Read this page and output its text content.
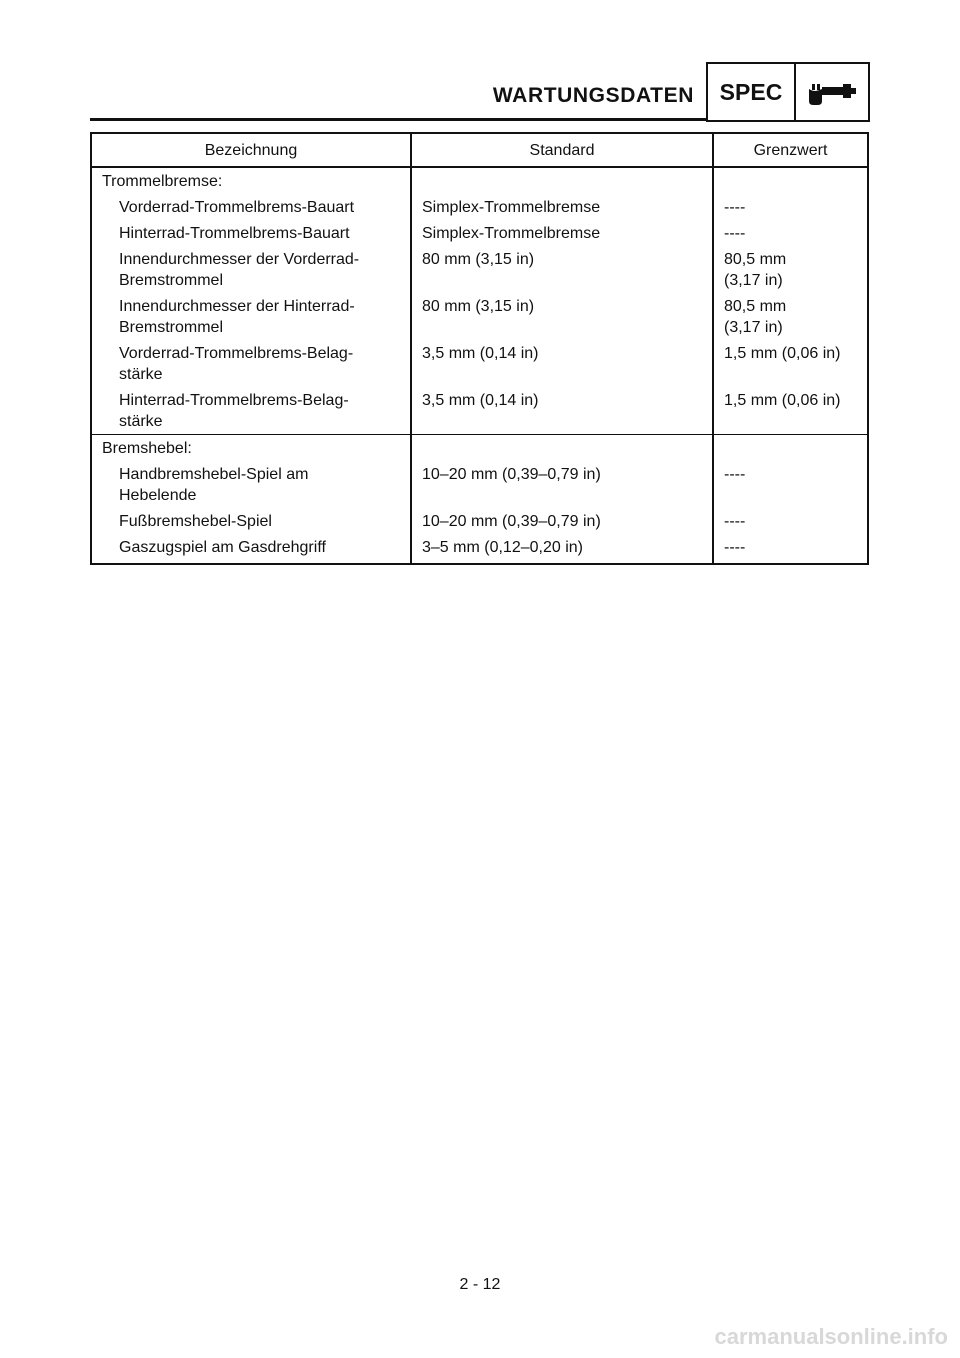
WARTUNGSDATEN	SPEC
Bezeichnung	Standard	Grenzwert
Trommelbremse:		

Vorderrad-Trommelbrems-Bauart	Simplex-Trommelbremse	----

Hinterrad-Trommelbrems-Bauart	Simplex-Trommelbremse	----

Innendurchmesser der Vorderrad-
Bremstrommel	80 mm (3,15 in)	80,5 mm
(3,17 in)

Innendurchmesser der Hinterrad-
Bremstrommel	80 mm (3,15 in)	80,5 mm
(3,17 in)

Vorderrad-Trommelbrems-Belag-
stärke	3,5 mm (0,14 in)	1,5 mm (0,06 in)

Hinterrad-Trommelbrems-Belag-
stärke	3,5 mm (0,14 in)	1,5 mm (0,06 in)
Bremshebel:		

Handbremshebel-Spiel am
Hebelende	10–20 mm (0,39–0,79 in)	----

Fußbremshebel-Spiel	10–20 mm (0,39–0,79 in)	----

Gaszugspiel am Gasdrehgriff	3–5 mm (0,12–0,20 in)	----
2 - 12
carmanualsonline.info
